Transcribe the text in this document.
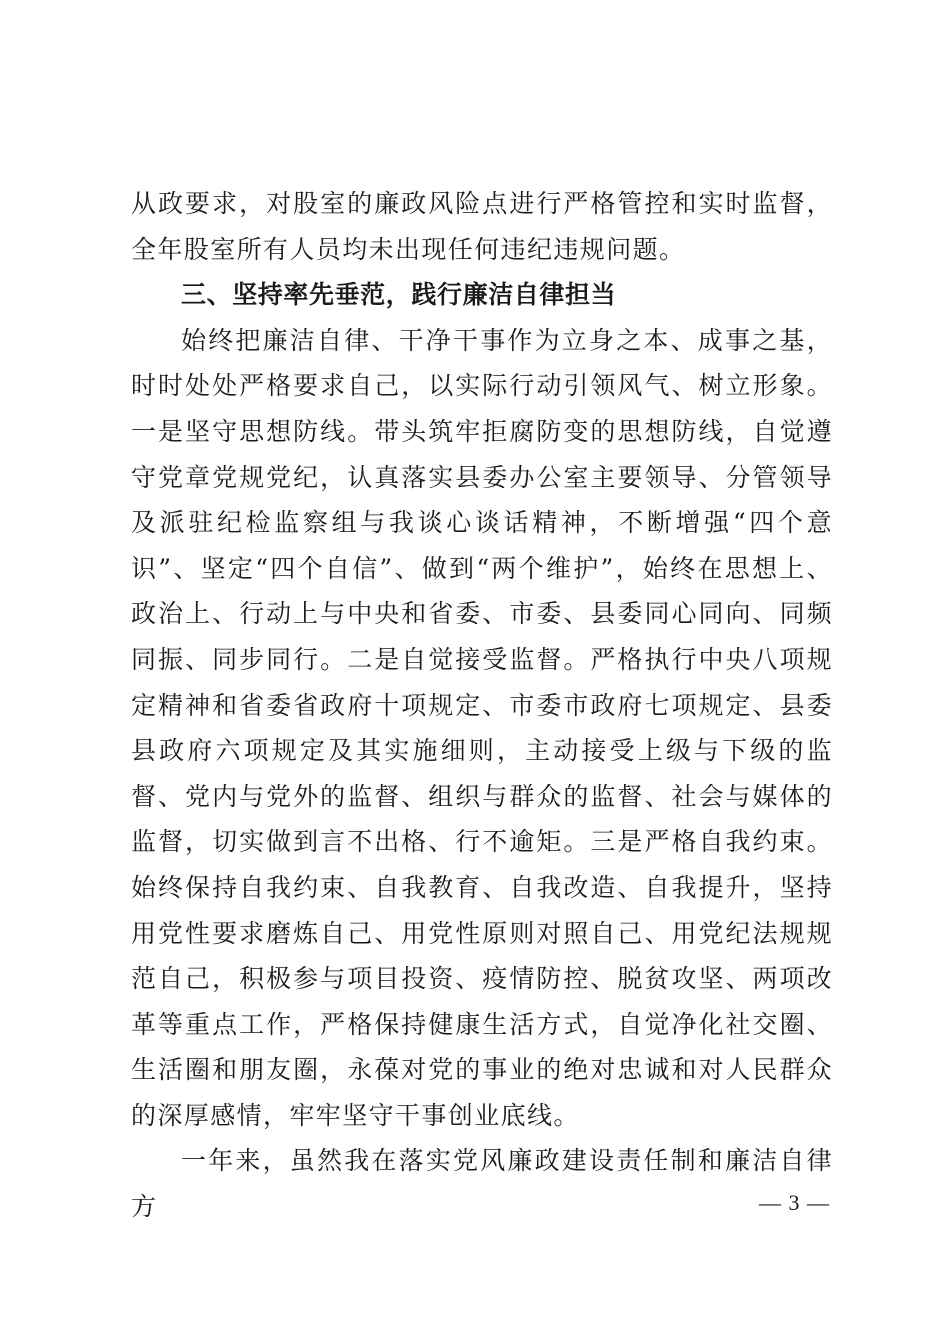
从政要求，对股室的廉政风险点进行严格管控和实时监督，全年股室所有人员均未出现任何违纪违规问题。

三、坚持率先垂范，践行廉洁自律担当

始终把廉洁自律、干净干事作为立身之本、成事之基，时时处处严格要求自己，以实际行动引领风气、树立形象。一是坚守思想防线。带头筑牢拒腐防变的思想防线，自觉遵守党章党规党纪，认真落实县委办公室主要领导、分管领导及派驻纪检监察组与我谈心谈话精神，不断增强“四个意识”、坚定“四个自信”、做到“两个维护”，始终在思想上、政治上、行动上与中央和省委、市委、县委同心同向、同频同振、同步同行。二是自觉接受监督。严格执行中央八项规定精神和省委省政府十项规定、市委市政府七项规定、县委县政府六项规定及其实施细则，主动接受上级与下级的监督、党内与党外的监督、组织与群众的监督、社会与媒体的监督，切实做到言不出格、行不逾矩。三是严格自我约束。始终保持自我约束、自我教育、自我改造、自我提升，坚持用党性要求磨炼自己、用党性原则对照自己、用党纪法规规范自己，积极参与项目投资、疫情防控、脱贫攻坚、两项改革等重点工作，严格保持健康生活方式，自觉净化社交圈、生活圈和朋友圈，永葆对党的事业的绝对忠诚和对人民群众的深厚感情，牢牢坚守干事创业底线。

一年来，虽然我在落实党风廉政建设责任制和廉洁自律方	— 3 —
